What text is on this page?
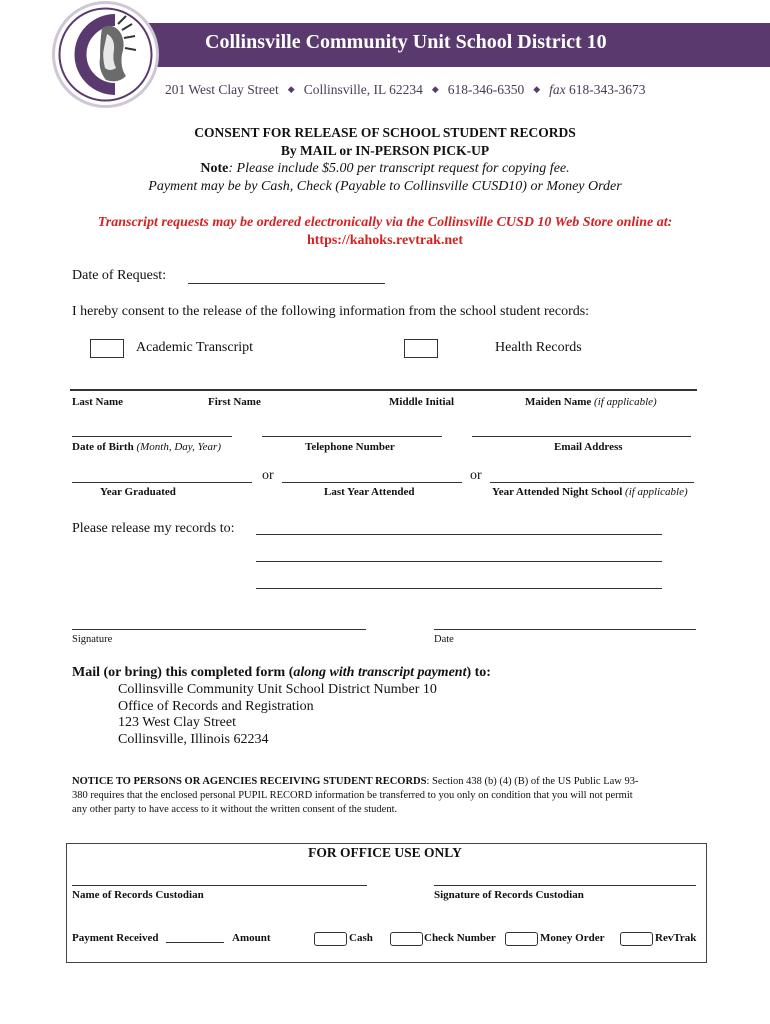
Collinsville Community Unit School District 10
201 West Clay Street ◆ Collinsville, IL 62234 ◆ 618-346-6350 ◆ fax 618-343-3673
CONSENT FOR RELEASE OF SCHOOL STUDENT RECORDS
By MAIL or IN-PERSON PICK-UP
Note: Please include $5.00 per transcript request for copying fee.
Payment may be by Cash, Check (Payable to Collinsville CUSD10) or Money Order
Transcript requests may be ordered electronically via the Collinsville CUSD 10 Web Store online at:
https://kahoks.revtrak.net
Date of Request:
I hereby consent to the release of the following information from the school student records:
Academic Transcript	Health Records
Last Name	First Name	Middle Initial	Maiden Name (if applicable)
Date of Birth (Month, Day, Year)	Telephone Number	Email Address
or	or
Year Graduated	Last Year Attended	Year Attended Night School (if applicable)
Please release my records to:
Signature	Date
Mail (or bring) this completed form (along with transcript payment) to:
Collinsville Community Unit School District Number 10
Office of Records and Registration
123 West Clay Street
Collinsville, Illinois 62234
NOTICE TO PERSONS OR AGENCIES RECEIVING STUDENT RECORDS: Section 438 (b) (4) (B) of the US Public Law 93-
380 requires that the enclosed personal PUPIL RECORD information be transferred to you only on condition that you will not permit
any other party to have access to it without the written consent of the student.
FOR OFFICE USE ONLY
Name of Records Custodian	Signature of Records Custodian
Payment Received	Amount	Cash	Check Number	Money Order	RevTrak
